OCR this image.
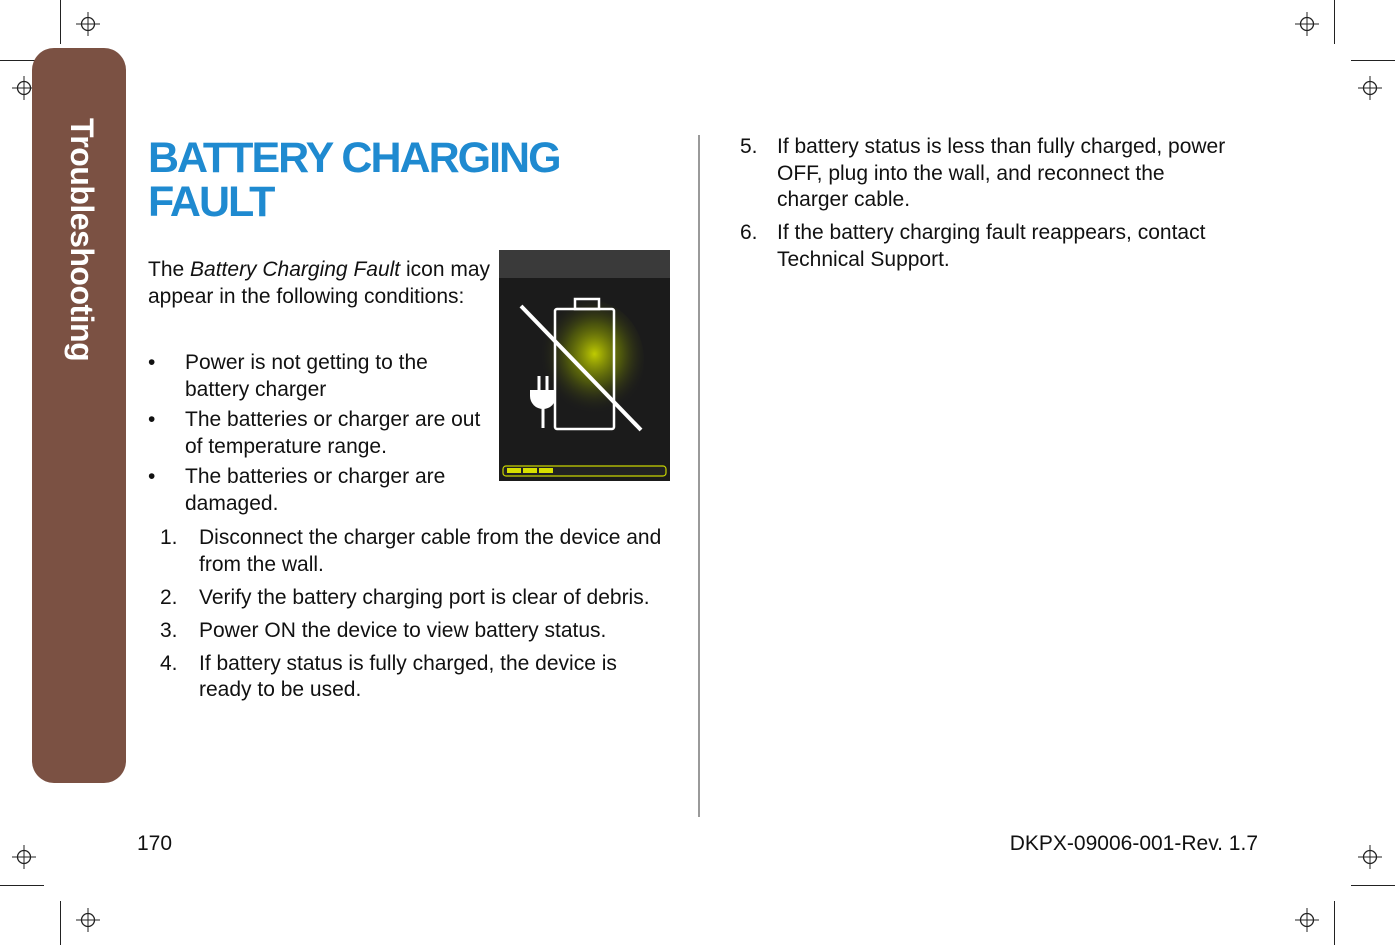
Troubleshooting BATTERY CHARGING
FAULT

The Battery Charging Fault icon may appear in the following conditions:

• Power is not getting to the battery charger
• The batteries or charger are out of temperature range.
• The batteries or charger are damaged.
1. Disconnect the charger cable from the device and from the wall.
2. Verify the battery charging port is clear of debris.
3. Power ON the device to view battery status.
4. If battery status is fully charged, the device is ready to be used.
5. If battery status is less than fully charged, power OFF, plug into the wall, and reconnect the charger cable.
6. If the battery charging fault reappears, contact Technical Support.
170	DKPX-09006-001-Rev. 1.7
